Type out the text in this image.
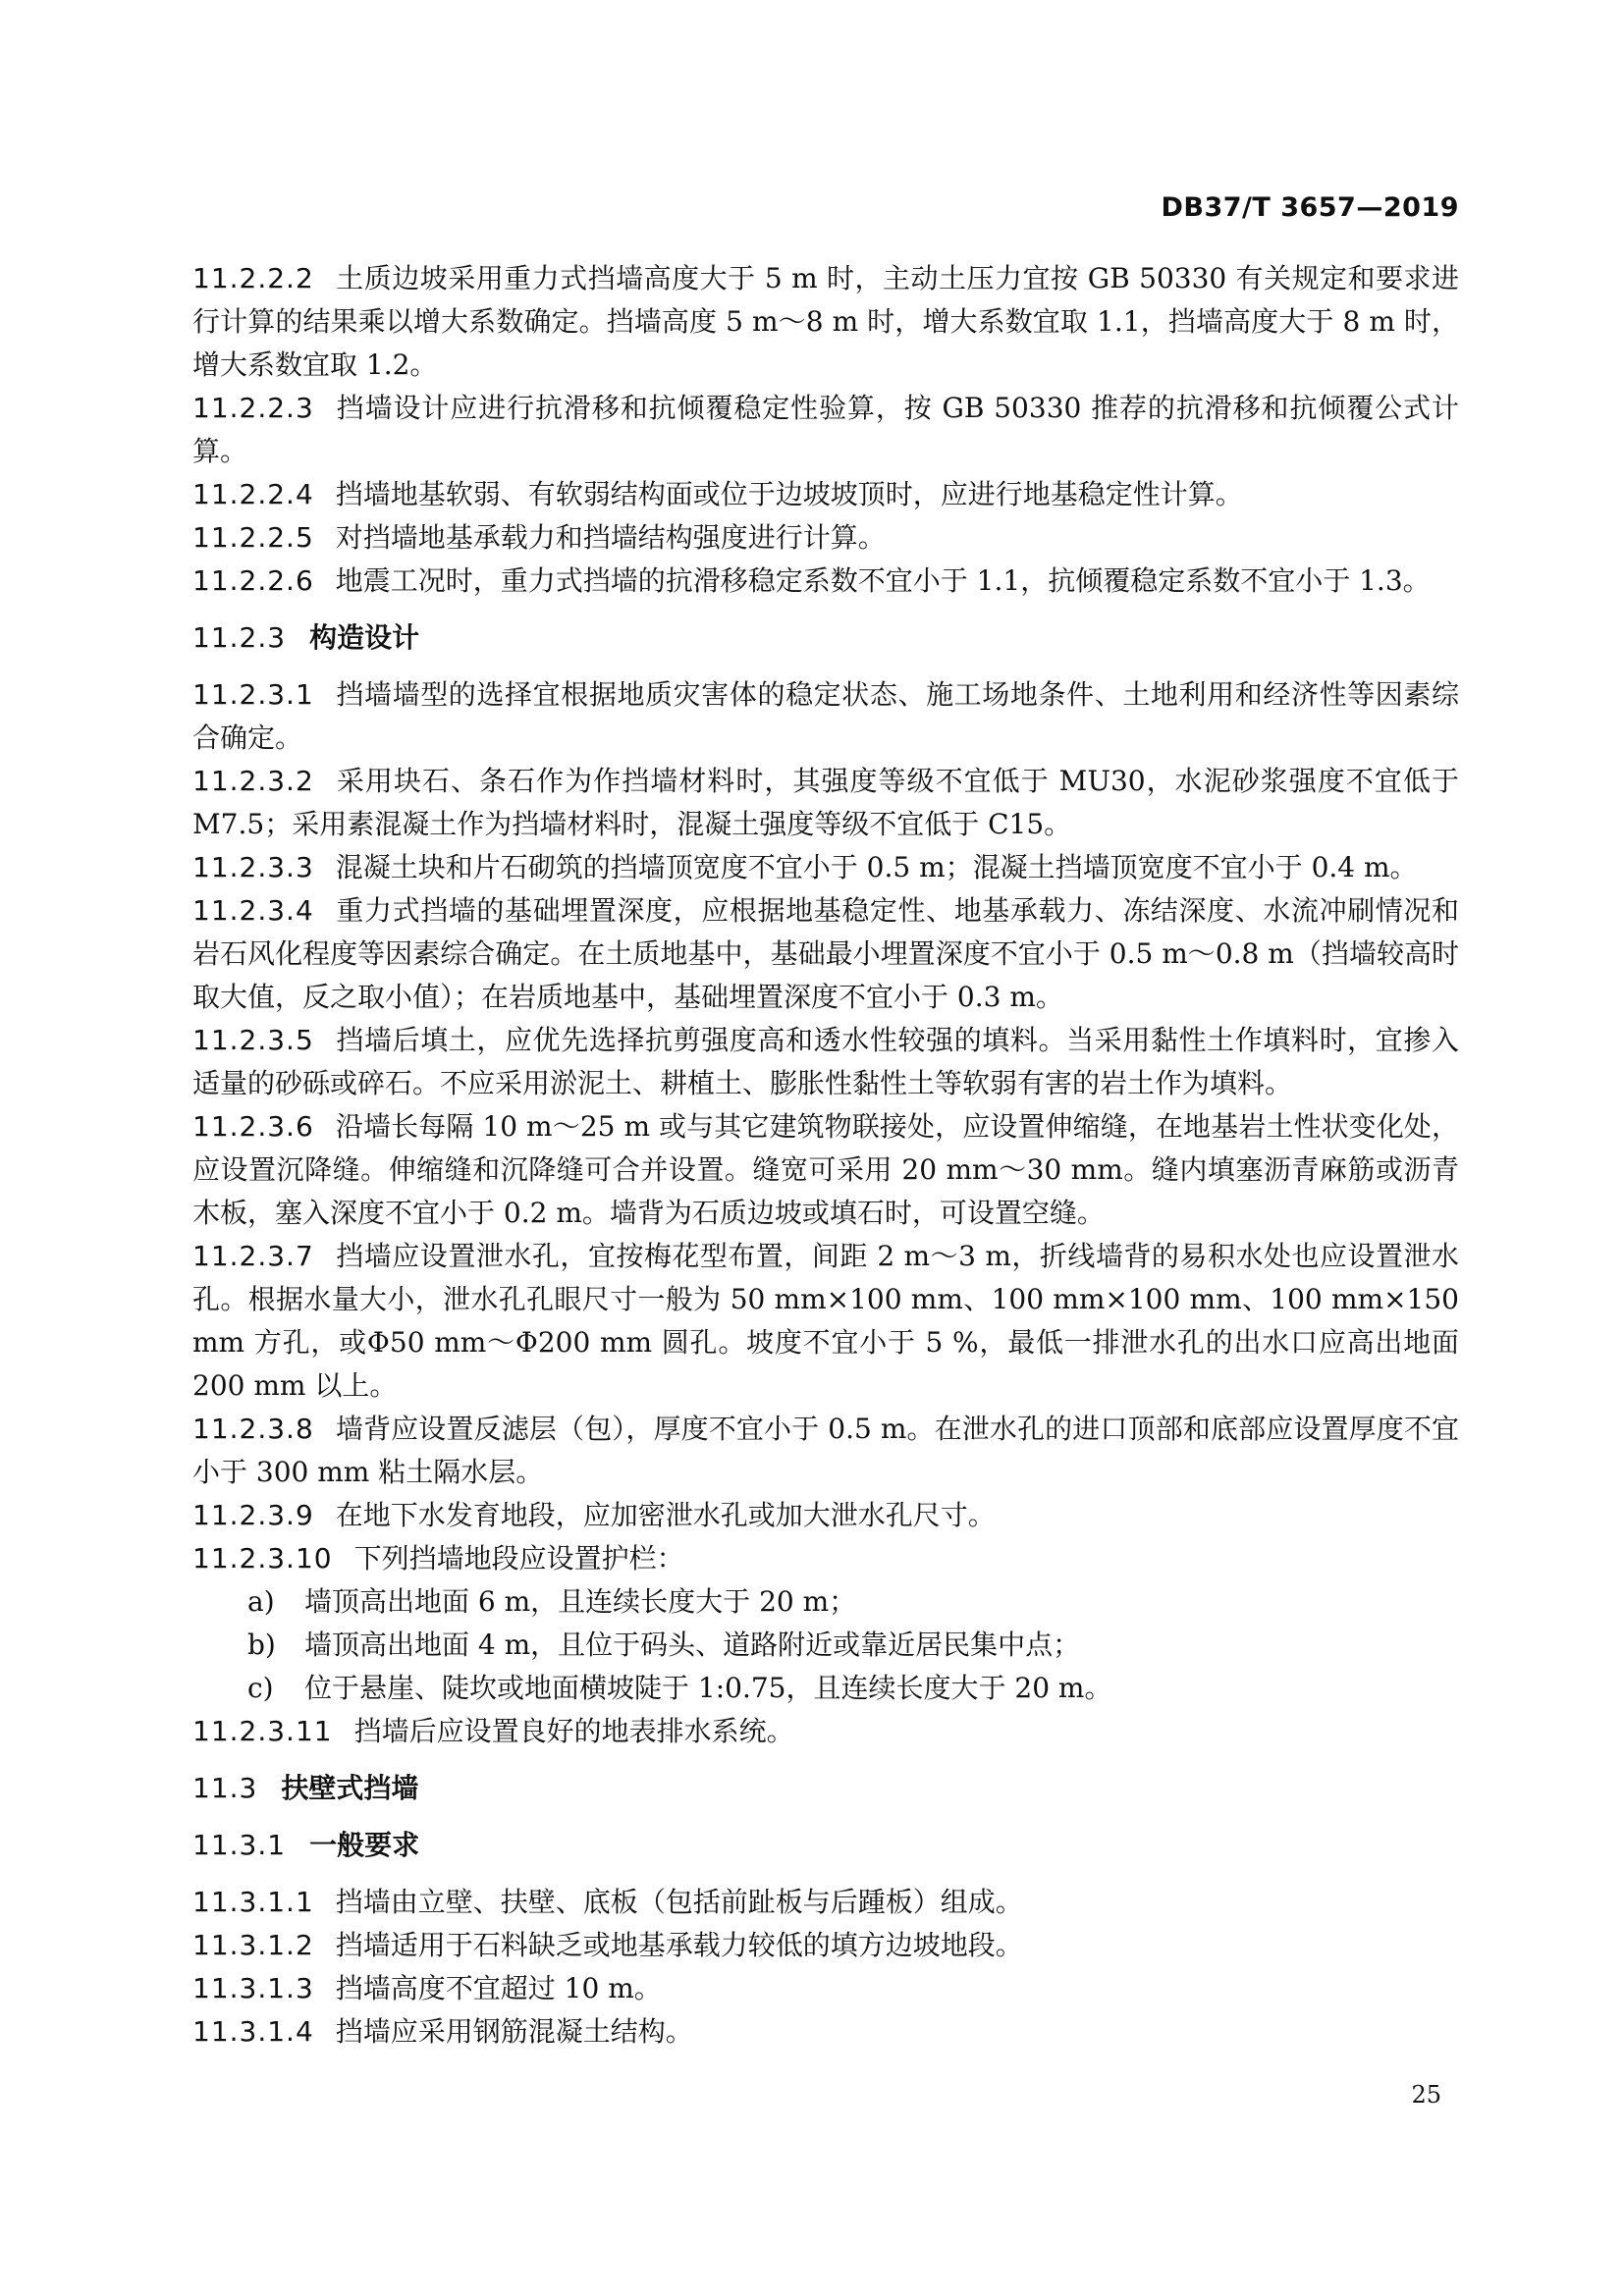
DB37/T 3657—2019

11.2.2.2 土质边坡采用重力式挡墙高度大于 5 m 时，主动土压力宜按 GB 50330 有关规定和要求进行计算的结果乘以增大系数确定。挡墙高度 5 m～8 m 时，增大系数宜取 1.1，挡墙高度大于 8 m 时，增大系数宜取 1.2。

11.2.2.3 挡墙设计应进行抗滑移和抗倾覆稳定性验算，按 GB 50330 推荐的抗滑移和抗倾覆公式计算。

11.2.2.4 挡墙地基软弱、有软弱结构面或位于边坡坡顶时，应进行地基稳定性计算。

11.2.2.5 对挡墙地基承载力和挡墙结构强度进行计算。

11.2.2.6 地震工况时，重力式挡墙的抗滑移稳定系数不宜小于 1.1，抗倾覆稳定系数不宜小于 1.3。

11.2.3 构造设计

11.2.3.1 挡墙墙型的选择宜根据地质灾害体的稳定状态、施工场地条件、土地利用和经济性等因素综合确定。

11.2.3.2 采用块石、条石作为作挡墙材料时，其强度等级不宜低于 MU30，水泥砂浆强度不宜低于 M7.5；采用素混凝土作为挡墙材料时，混凝土强度等级不宜低于 C15。

11.2.3.3 混凝土块和片石砌筑的挡墙顶宽度不宜小于 0.5 m；混凝土挡墙顶宽度不宜小于 0.4 m。

11.2.3.4 重力式挡墙的基础埋置深度，应根据地基稳定性、地基承载力、冻结深度、水流冲刷情况和岩石风化程度等因素综合确定。在土质地基中，基础最小埋置深度不宜小于 0.5 m～0.8 m（挡墙较高时取大值，反之取小值）；在岩质地基中，基础埋置深度不宜小于 0.3 m。

11.2.3.5 挡墙后填土，应优先选择抗剪强度高和透水性较强的填料。当采用黏性土作填料时，宜掺入适量的砂砾或碎石。不应采用淤泥土、耕植土、膨胀性黏性土等软弱有害的岩土作为填料。

11.2.3.6 沿墙长每隔 10 m～25 m 或与其它建筑物联接处，应设置伸缩缝，在地基岩土性状变化处，应设置沉降缝。伸缩缝和沉降缝可合并设置。缝宽可采用 20 mm～30 mm。缝内填塞沥青麻筋或沥青木板，塞入深度不宜小于 0.2 m。墙背为石质边坡或填石时，可设置空缝。

11.2.3.7 挡墙应设置泄水孔，宜按梅花型布置，间距 2 m～3 m，折线墙背的易积水处也应设置泄水孔。根据水量大小，泄水孔孔眼尺寸一般为 50 mm×100 mm、100 mm×100 mm、100 mm×150 mm 方孔，或Φ50 mm～Φ200 mm 圆孔。坡度不宜小于 5 %，最低一排泄水孔的出水口应高出地面 200 mm 以上。

11.2.3.8 墙背应设置反滤层（包），厚度不宜小于 0.5 m。在泄水孔的进口顶部和底部应设置厚度不宜小于 300 mm 粘土隔水层。

11.2.3.9 在地下水发育地段，应加密泄水孔或加大泄水孔尺寸。

11.2.3.10 下列挡墙地段应设置护栏：

a) 墙顶高出地面 6 m，且连续长度大于 20 m；

b) 墙顶高出地面 4 m，且位于码头、道路附近或靠近居民集中点；

c) 位于悬崖、陡坎或地面横坡陡于 1:0.75，且连续长度大于 20 m。

11.2.3.11 挡墙后应设置良好的地表排水系统。

11.3 扶壁式挡墙

11.3.1 一般要求

11.3.1.1 挡墙由立壁、扶壁、底板（包括前趾板与后踵板）组成。

11.3.1.2 挡墙适用于石料缺乏或地基承载力较低的填方边坡地段。

11.3.1.3 挡墙高度不宜超过 10 m。

11.3.1.4 挡墙应采用钢筋混凝土结构。

25
